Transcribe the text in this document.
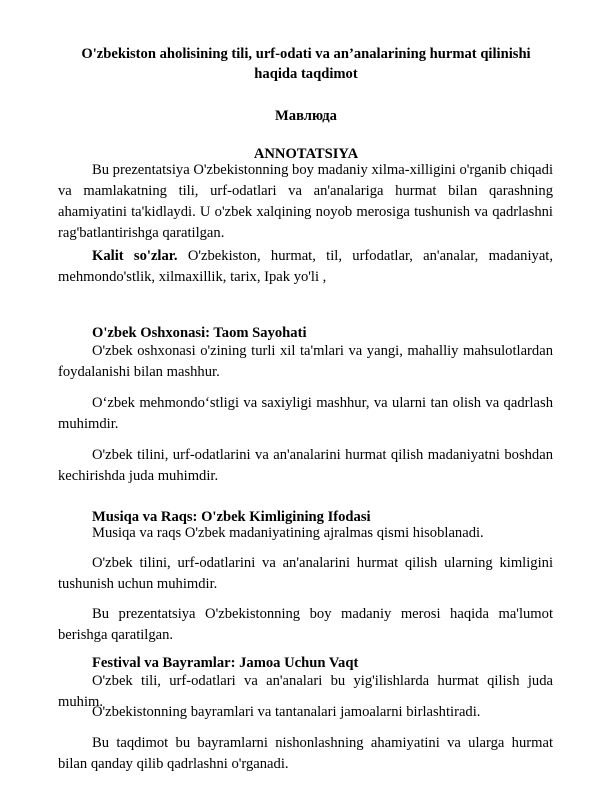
O'zbekiston aholisining tili, urf-odati va an’analarining hurmat qilinishi haqida taqdimot
Мавлюда
ANNOTATSIYA
Bu prezentatsiya O'zbekistonning boy madaniy xilma-xilligini o'rganib chiqadi va mamlakatning tili, urf-odatlari va an'analariga hurmat bilan qarashning ahamiyatini ta'kidlaydi. U o'zbek xalqining noyob merosiga tushunish va qadrlashni rag'batlantirishga qaratilgan.
Kalit so'zlar. O'zbekiston, hurmat, til, urfodatlar, an'analar, madaniyat, mehmondo'stlik, xilmaxillik, tarix, Ipak yo'li ,
O'zbek Oshxonasi: Taom Sayohati
O'zbek oshxonasi o'zining turli xil ta'mlari va yangi, mahalliy mahsulotlardan foydalanishi bilan mashhur.
O‘zbek mehmondo‘stligi va saxiyligi mashhur, va ularni tan olish va qadrlash muhimdir.
O'zbek tilini, urf-odatlarini va an'analarini hurmat qilish madaniyatni boshdan kechirishda juda muhimdir.
Musiqa va Raqs: O'zbek Kimligining Ifodasi
Musiqa va raqs O'zbek madaniyatining ajralmas qismi hisoblanadi.
O'zbek tilini, urf-odatlarini va an'analarini hurmat qilish ularning kimligini tushunish uchun muhimdir.
Bu prezentatsiya O'zbekistonning boy madaniy merosi haqida ma'lumot berishga qaratilgan.
Festival va Bayramlar: Jamoa Uchun Vaqt
O'zbek tili, urf-odatlari va an'analari bu yig'ilishlarda hurmat qilish juda muhim.
O'zbekistonning bayramlari va tantanalari jamoalarni birlashtiradi.
Bu taqdimot bu bayramlarni nishonlashning ahamiyatini va ularga hurmat bilan qanday qilib qadrlashni o'rganadi.
